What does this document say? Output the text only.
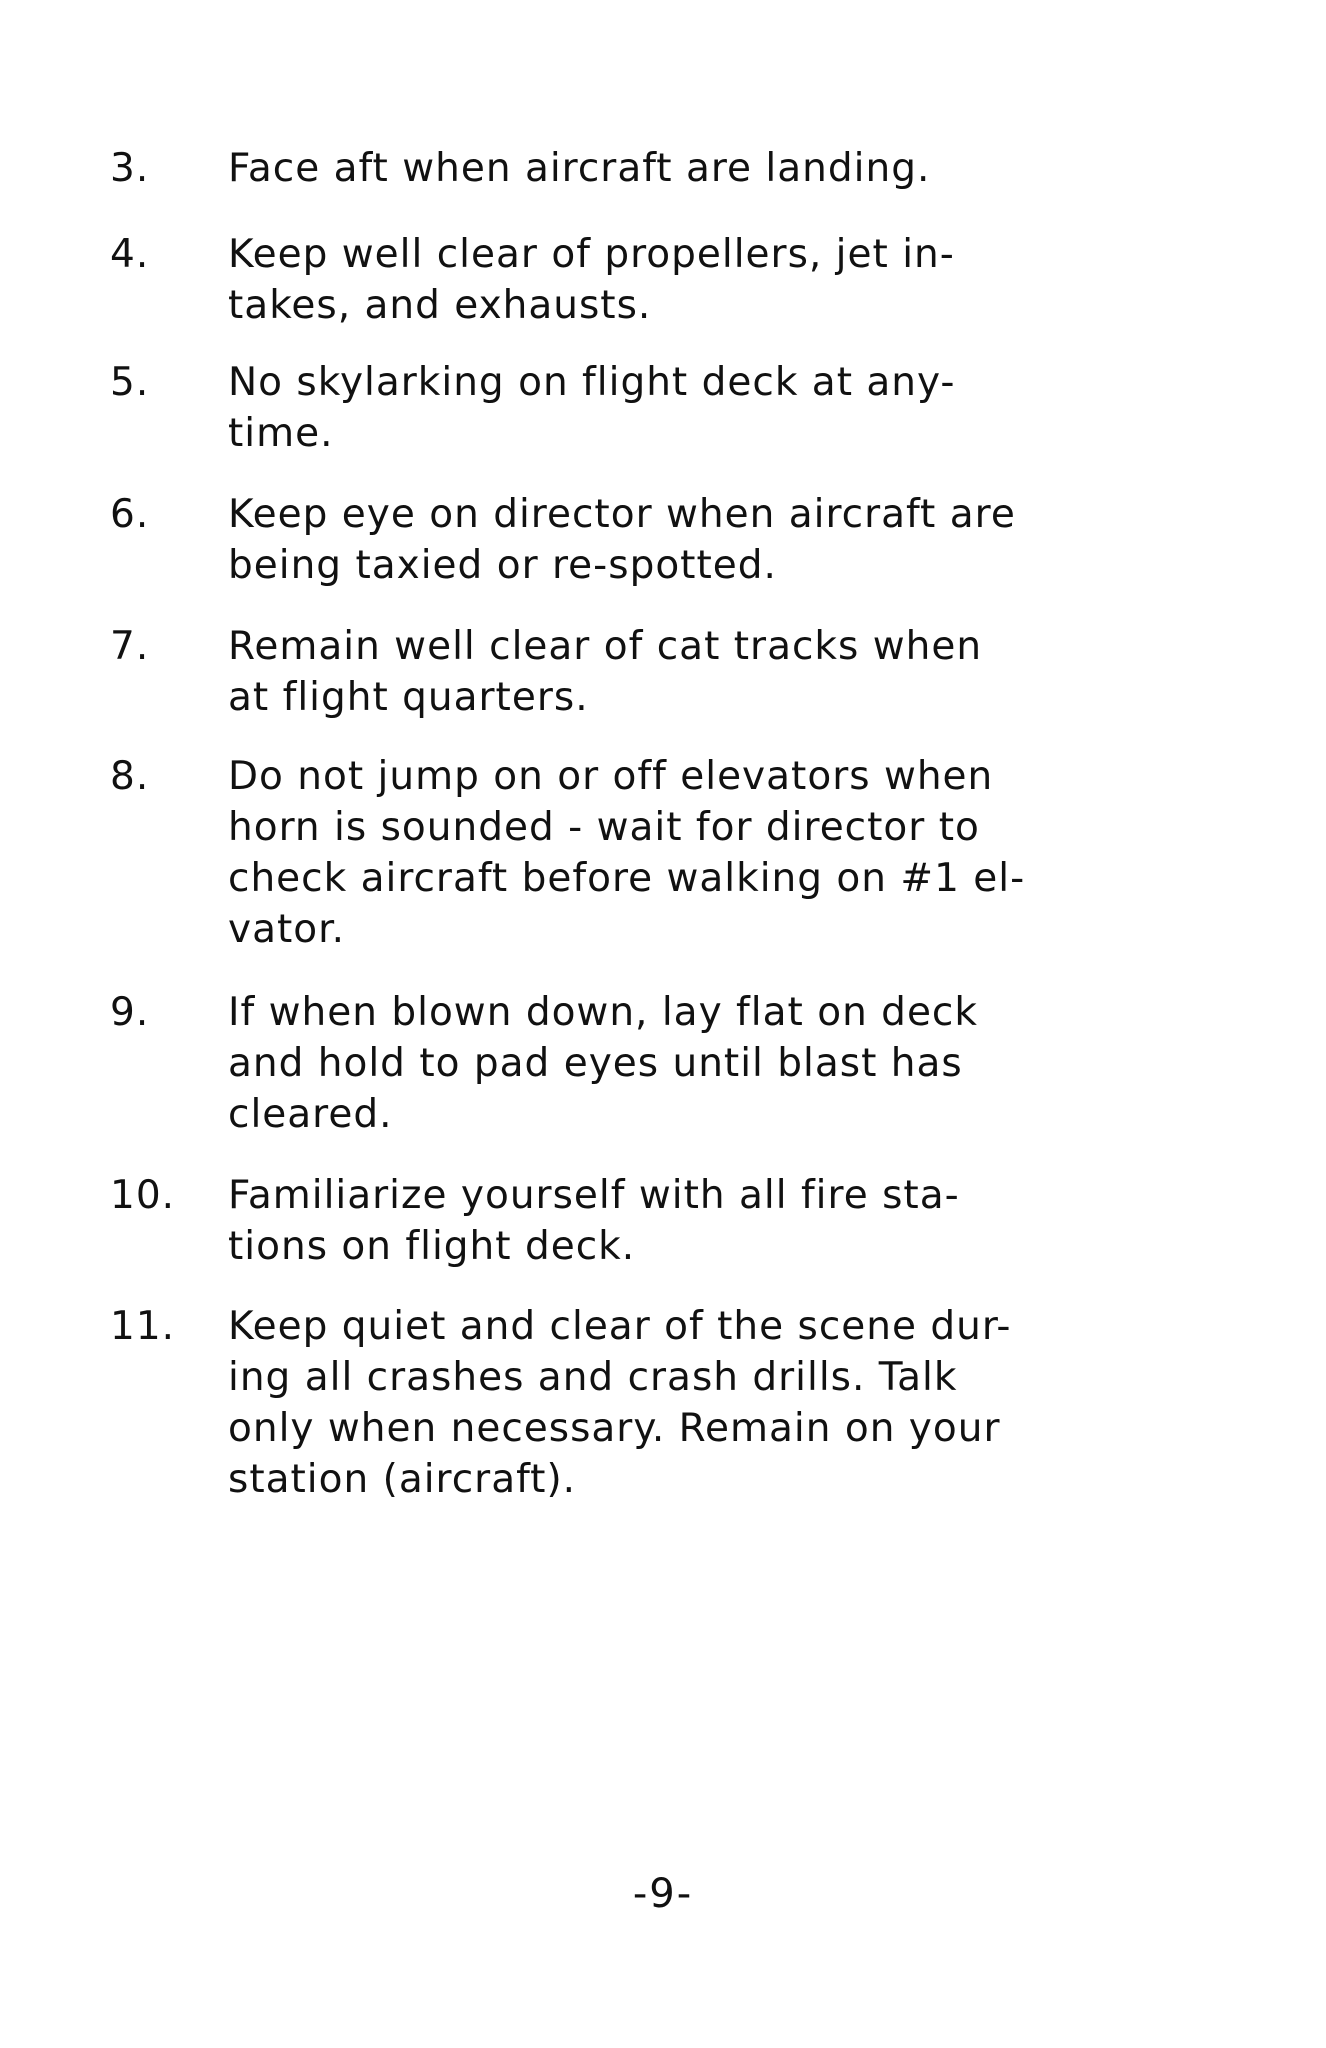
3.	Face aft when aircraft are landing.
4.	Keep well clear of propellers, jet in-
takes, and exhausts.
5.	No skylarking on flight deck at any-
time.
6.	Keep eye on director when aircraft are
being taxied or re-spotted.
7.	Remain well clear of cat tracks when
at flight quarters.
8.	Do not jump on or off elevators when
horn is sounded - wait for director to
check aircraft before walking on #1 el-
vator.
9.	If when blown down, lay flat on deck
and hold to pad eyes until blast has
cleared.
10.	Familiarize yourself with all fire sta-
tions on flight deck.
11.	Keep quiet and clear of the scene dur-
ing all crashes and crash drills. Talk
only when necessary. Remain on your
station (aircraft).
-9-
